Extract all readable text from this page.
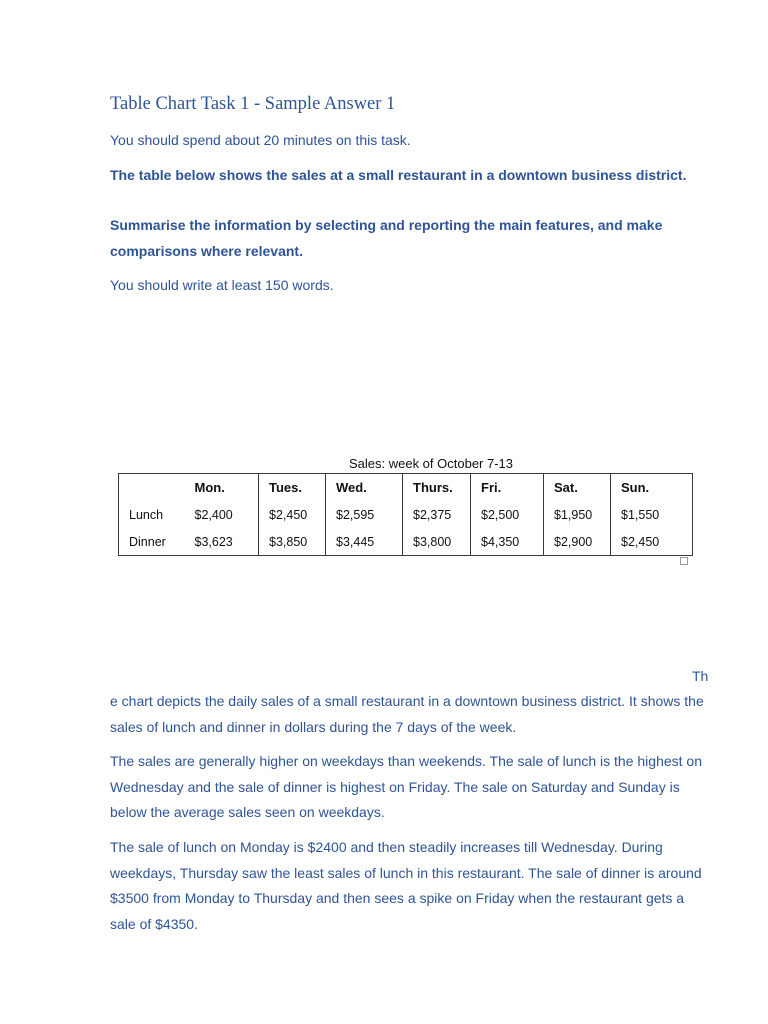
Table Chart Task 1 - Sample Answer 1

You should spend about 20 minutes on this task.

The table below shows the sales at a small restaurant in a downtown business district.

Summarise the information by selecting and reporting the main features, and make comparisons where relevant.

You should write at least 150 words.

Sales: week of October 7-13
	Mon.	Tues.	Wed.	Thurs.	Fri.	Sat.	Sun.
Lunch	$2,400	$2,450	$2,595	$2,375	$2,500	$1,950	$1,550
Dinner	$3,623	$3,850	$3,445	$3,800	$4,350	$2,900	$2,450
Th

e chart depicts the daily sales of a small restaurant in a downtown business district. It shows the sales of lunch and dinner in dollars during the 7 days of the week.

The sales are generally higher on weekdays than weekends. The sale of lunch is the highest on Wednesday and the sale of dinner is highest on Friday. The sale on Saturday and Sunday is below the average sales seen on weekdays.

The sale of lunch on Monday is $2400 and then steadily increases till Wednesday. During weekdays, Thursday saw the least sales of lunch in this restaurant. The sale of dinner is around $3500 from Monday to Thursday and then sees a spike on Friday when the restaurant gets a sale of $4350.
